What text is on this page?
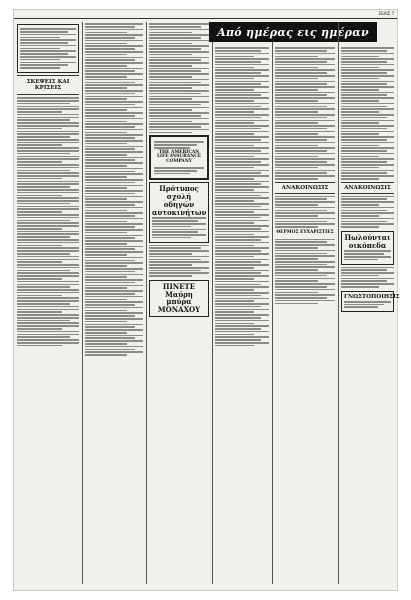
ΣΕΛΙΣ 7
ΣΚΕΨΕΙΣ ΚΑΙ ΚΡΙΣΕΙΣ
THE AMERICAN LIFE INSURANCE COMPANY
Πρότυπος σχολή οδηγών αυτοκινήτων
ΠΙΝΕΤΕ Μαύρη μπύρα ΜΟΝΑΧΟΥ
Από ημέρας εις ημέραν
ΑΝΑΚΟΙΝΩΣΙΣ
ΘΕΡΜΟΣ ΕΥΧΑΡΙΣΤΙΕΣ
ΑΝΑΚΟΙΝΩΣΙΣ
Πωλούνται οικόπεδα
ΓΝΩΣΤΟΠΟΙΗΣΙΣ
